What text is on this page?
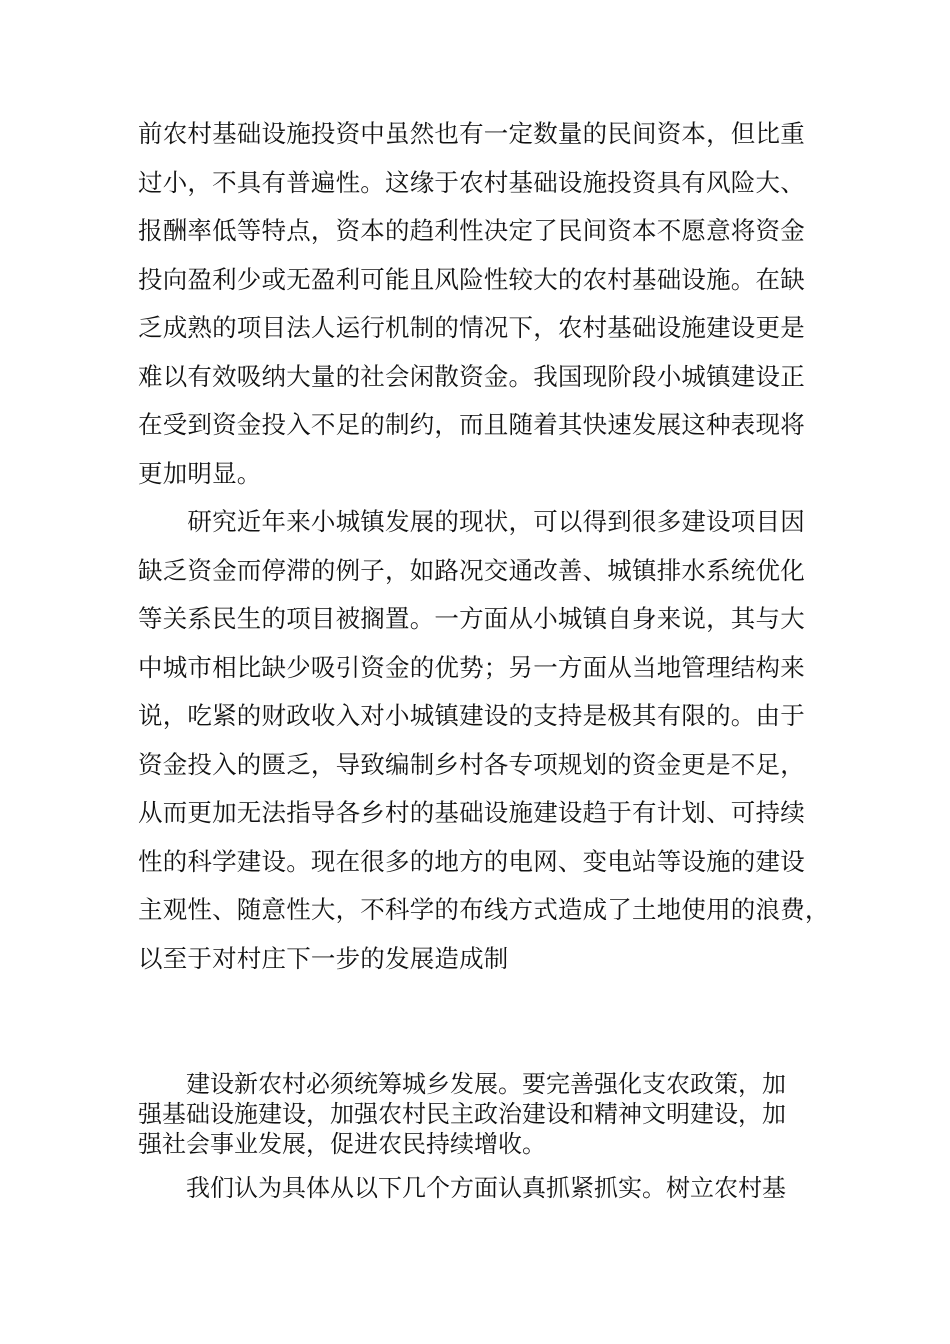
前农村基础设施投资中虽然也有一定数量的民间资本，但比重
过小，不具有普遍性。这缘于农村基础设施投资具有风险大、
报酬率低等特点，资本的趋利性决定了民间资本不愿意将资金
投向盈利少或无盈利可能且风险性较大的农村基础设施。在缺
乏成熟的项目法人运行机制的情况下，农村基础设施建设更是
难以有效吸纳大量的社会闲散资金。我国现阶段小城镇建设正
在受到资金投入不足的制约，而且随着其快速发展这种表现将
更加明显。
　　研究近年来小城镇发展的现状，可以得到很多建设项目因
缺乏资金而停滞的例子，如路况交通改善、城镇排水系统优化
等关系民生的项目被搁置。一方面从小城镇自身来说，其与大
中城市相比缺少吸引资金的优势；另一方面从当地管理结构来
说，吃紧的财政收入对小城镇建设的支持是极其有限的。由于
资金投入的匮乏，导致编制乡村各专项规划的资金更是不足，
从而更加无法指导各乡村的基础设施建设趋于有计划、可持续
性的科学建设。现在很多的地方的电网、变电站等设施的建设
主观性、随意性大，不科学的布线方式造成了土地使用的浪费，
以至于对村庄下一步的发展造成制
　　建设新农村必须统筹城乡发展。要完善强化支农政策，加
强基础设施建设，加强农村民主政治建设和精神文明建设，加
强社会事业发展，促进农民持续增收。
　　我们认为具体从以下几个方面认真抓紧抓实。树立农村基
